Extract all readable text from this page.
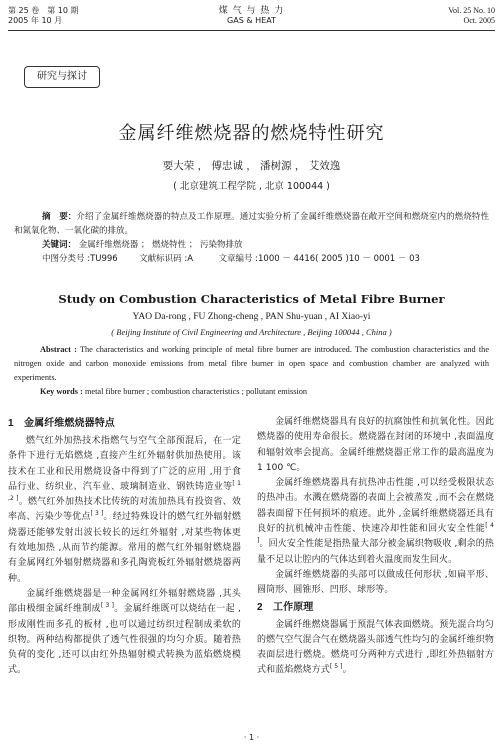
第 25 卷　第 10 期
2005 年 10 月
煤 气 与 热 力
GAS & HEAT
Vol. 25 No. 10
Oct. 2005
研究与探讨
金属纤维燃烧器的燃烧特性研究
要大荣 ， 傅忠诚 ， 潘树源 ， 艾效逸
( 北京建筑工程学院 , 北京 100044 )
摘　要：介绍了金属纤维燃烧器的特点及工作原理。通过实验分析了金属纤维燃烧器在敞开空间和燃烧室内的燃烧特性和氮氧化物、一氧化碳的排放。
关键词： 金属纤维燃烧器 ； 燃烧特性 ； 污染物排放
中图分类号 :TU996	文献标识码 :A	文章编号 :1000 － 4416( 2005 )10 － 0001 － 03
Study on Combustion Characteristics of Metal Fibre Burner
YAO Da-rong , FU Zhong-cheng , PAN Shu-yuan , AI Xiao-yi
( Beijing Institute of Civil Engineering and Architecture , Beijing 100044 , China )
Abstract : The characteristics and working principle of metal fibre burner are introduced. The combustion characteristics and the nitrogen oxide and carbon monoxide emissions from metal fibre burner in open space and combustion chamber are analyzed with experiments.
Key words : metal fibre burner ; combustion characteristics ; pollutant emission
1 金属纤维燃烧器特点

燃气红外加热技术指燃气与空气全部预混后，在一定条件下进行无焰燃烧 ,直接产生红外辐射供加热使用。该技术在工业和民用燃烧设备中得到了广泛的应用 ,用于食品行业、纺织业、汽车业、玻璃制造业、钢铁铸造业等[ 1 ,2 ]。燃气红外加热技术比传统的对流加热具有投资省、效率高、污染少等优点[ 3 ]。经过特殊设计的燃气红外辐射燃烧器还能够发射出波长较长的远红外辐射 ,对某些物体更有效地加热 ,从而节约能源。常用的燃气红外辐射燃烧器有金属网红外辐射燃烧器和多孔陶瓷板红外辐射燃烧器两种。

金属纤维燃烧器是一种金属网红外辐射燃烧器 ,其头部由极细金属纤维制成[ 3 ]。金属纤维既可以烧结在一起 ,形成刚性而多孔的板材 ,也可以通过纺织过程制成柔软的织物。两种结构都提供了透气性很强的均匀介质。随着热负荷的变化 ,还可以由红外热辐射模式转换为蓝焰燃烧模式。

金属纤维燃烧器具有良好的抗腐蚀性和抗氧化性。因此燃烧器的使用寿命很长。燃烧器在封闭的环境中 ,表面温度和辐射效率会提高。金属纤维燃烧器正常工作的最高温度为 1 100 ℃。

金属纤维燃烧器具有抗热冲击性能 ,可以经受极限状态的热冲击。水溅在燃烧器的表面上会被蒸发 ,而不会在燃烧器表面留下任何损坏的痕迹。此外 ,金属纤维燃烧器还具有良好的抗机械冲击性能、快速冷却性能和回火安全性能[ 4 ]。回火安全性能是指热量大部分被金属织物吸收 ,剩余的热量不足以让腔内的气体达到着火温度而发生回火。

金属纤维燃烧器的头部可以做成任何形状 ,如扁平形、圆筒形、圆锥形、凹形、球形等。

2 工作原理

金属纤维燃烧器属于预混气体表面燃烧。预先混合均匀的燃气空气混合气在燃烧器头部透气性均匀的金属纤维织物表面层进行燃烧。燃烧可分两种方式进行 ,即红外热辐射方式和蓝焰燃烧方式[ 5 ]。

· 1 ·
